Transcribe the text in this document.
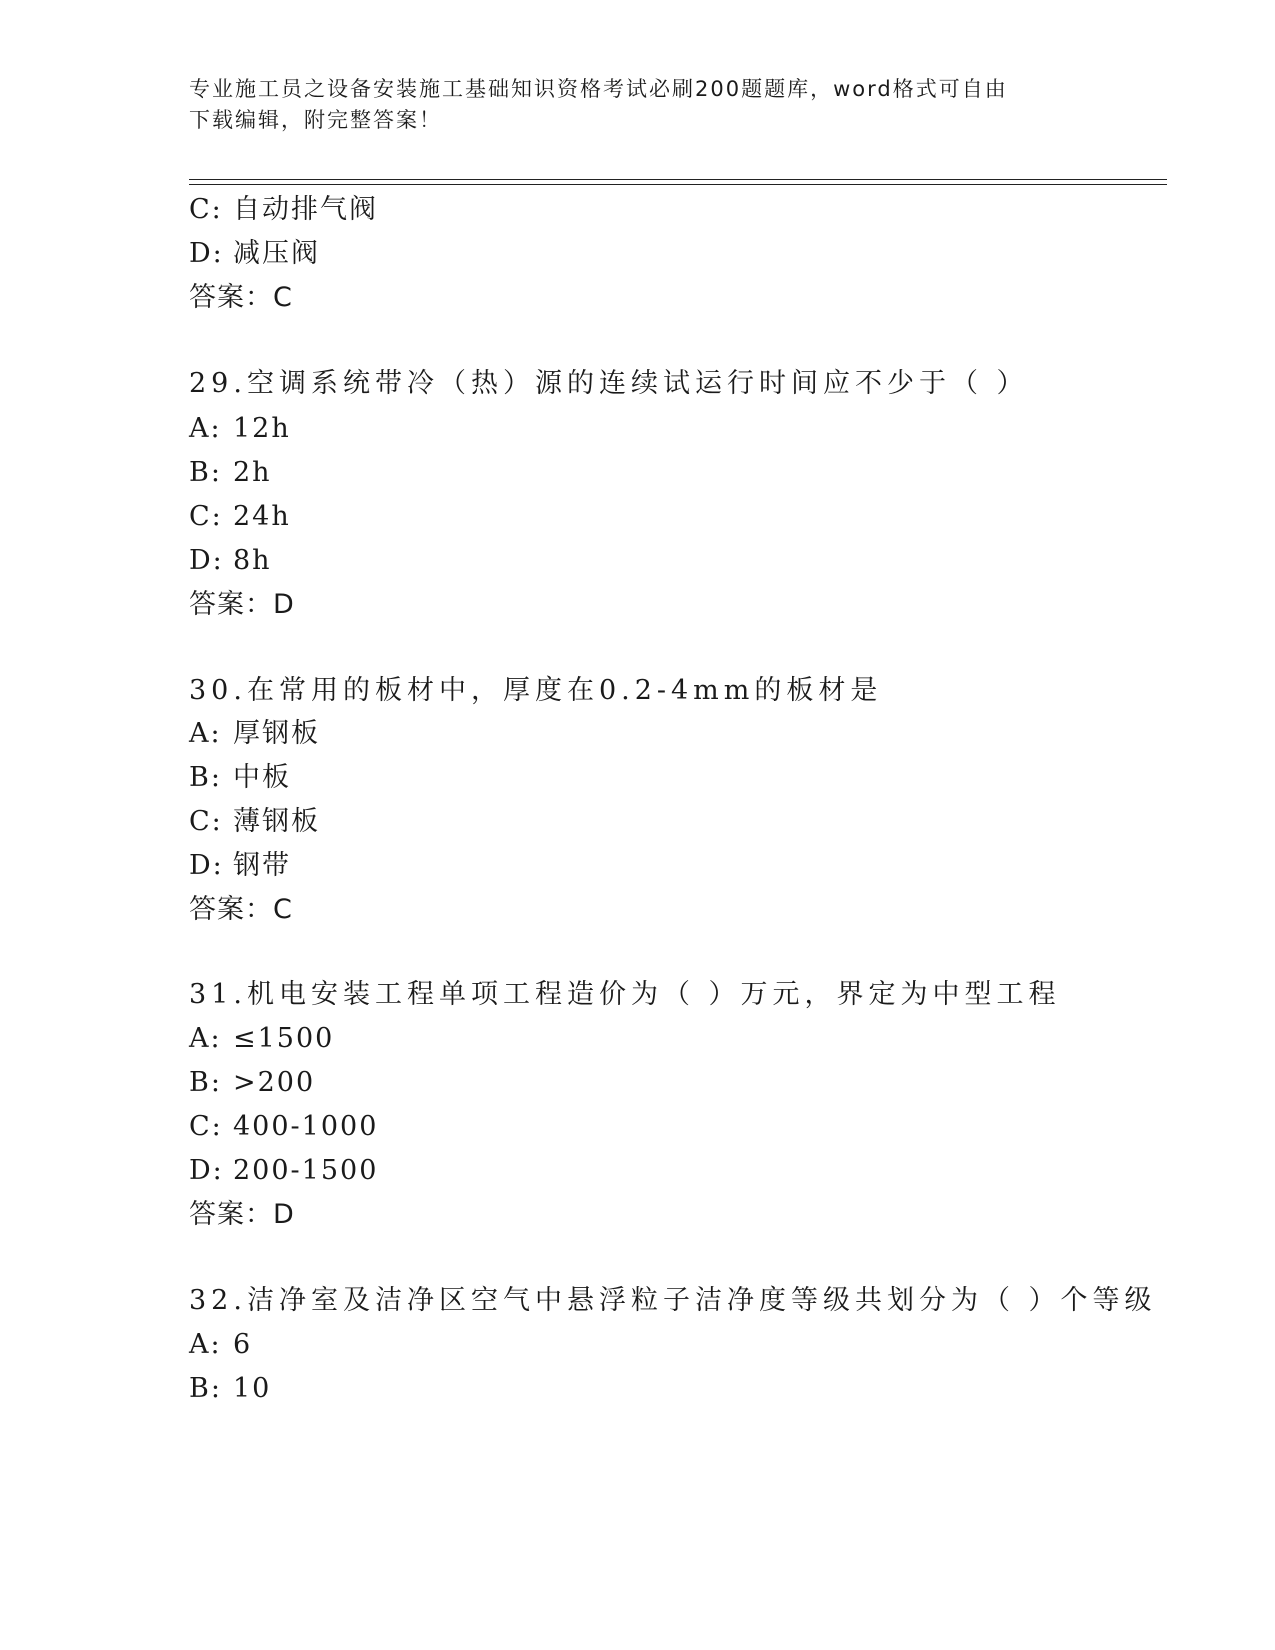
专业施工员之设备安装施工基础知识资格考试必刷200题题库，word格式可自由
下载编辑，附完整答案！
C: 自动排气阀
D: 减压阀
答案：C
29.空调系统带冷（热）源的连续试运行时间应不少于（ ）
A: 12h
B: 2h
C: 24h
D: 8h
答案：D
30.在常用的板材中，厚度在0.2-4mm的板材是
A: 厚钢板
B: 中板
C: 薄钢板
D: 钢带
答案：C
31.机电安装工程单项工程造价为（ ）万元，界定为中型工程
A: ≤1500
B: >200
C: 400-1000
D: 200-1500
答案：D
32.洁净室及洁净区空气中悬浮粒子洁净度等级共划分为（ ）个等级
A: 6
B: 10
